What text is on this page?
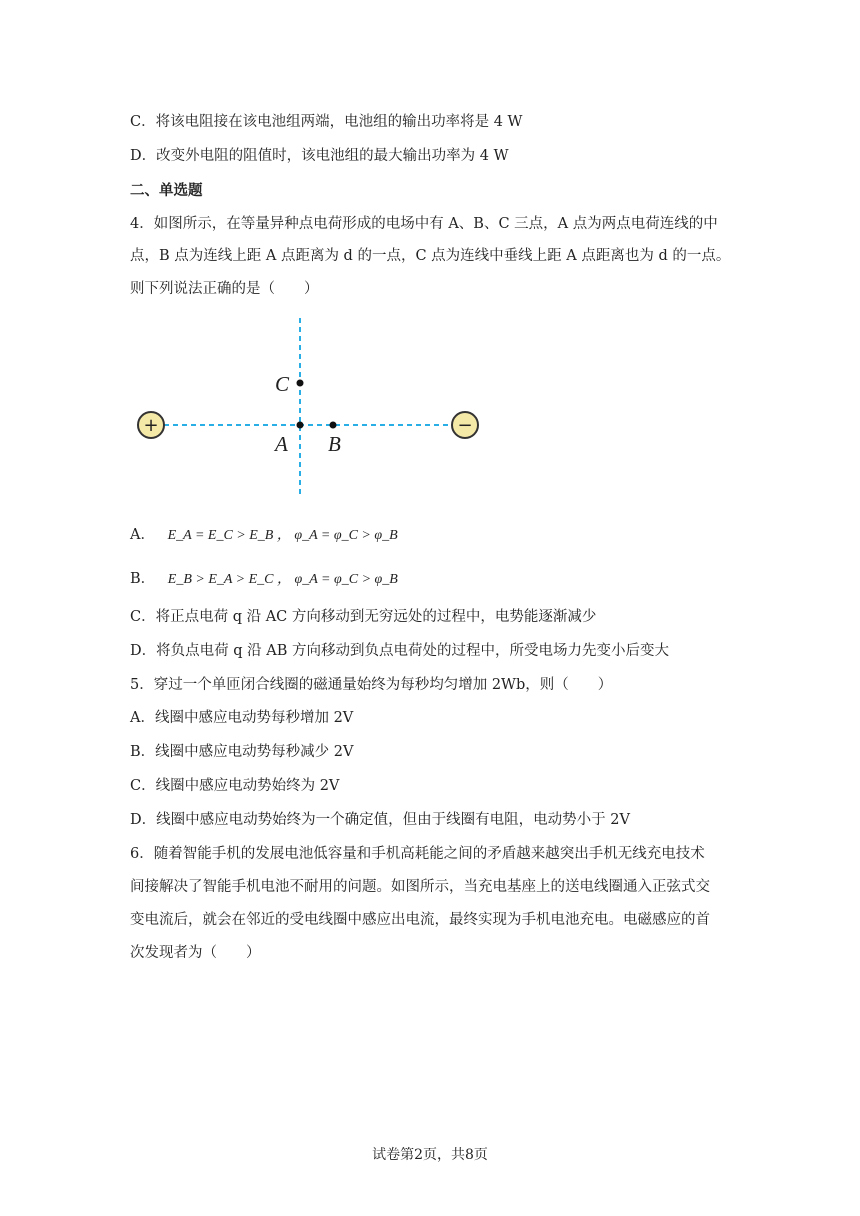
C．将该电阻接在该电池组两端，电池组的输出功率将是 4 W
D．改变外电阻的阻值时，该电池组的最大输出功率为 4 W
二、单选题
4．如图所示，在等量异种点电荷形成的电场中有 A、B、C 三点，A 点为两点电荷连线的中
点，B 点为连线上距 A 点距离为 d 的一点，C 点为连线中垂线上距 A 点距离也为 d 的一点。
则下列说法正确的是（　　）
+	−
C
A B
A． E_A = E_C > E_B ， φ_A = φ_C > φ_B
B． E_B > E_A > E_C ， φ_A = φ_C > φ_B
C．将正点电荷 q 沿 AC 方向移动到无穷远处的过程中，电势能逐渐减少
D．将负点电荷 q 沿 AB 方向移动到负点电荷处的过程中，所受电场力先变小后变大
5．穿过一个单匝闭合线圈的磁通量始终为每秒均匀增加 2Wb，则（　　）
A．线圈中感应电动势每秒增加 2V
B．线圈中感应电动势每秒减少 2V
C．线圈中感应电动势始终为 2V
D．线圈中感应电动势始终为一个确定值，但由于线圈有电阻，电动势小于 2V
6．随着智能手机的发展电池低容量和手机高耗能之间的矛盾越来越突出手机无线充电技术
间接解决了智能手机电池不耐用的问题。如图所示，当充电基座上的送电线圈通入正弦式交
变电流后，就会在邻近的受电线圈中感应出电流，最终实现为手机电池充电。电磁感应的首
次发现者为（　　）
试卷第2页，共8页
